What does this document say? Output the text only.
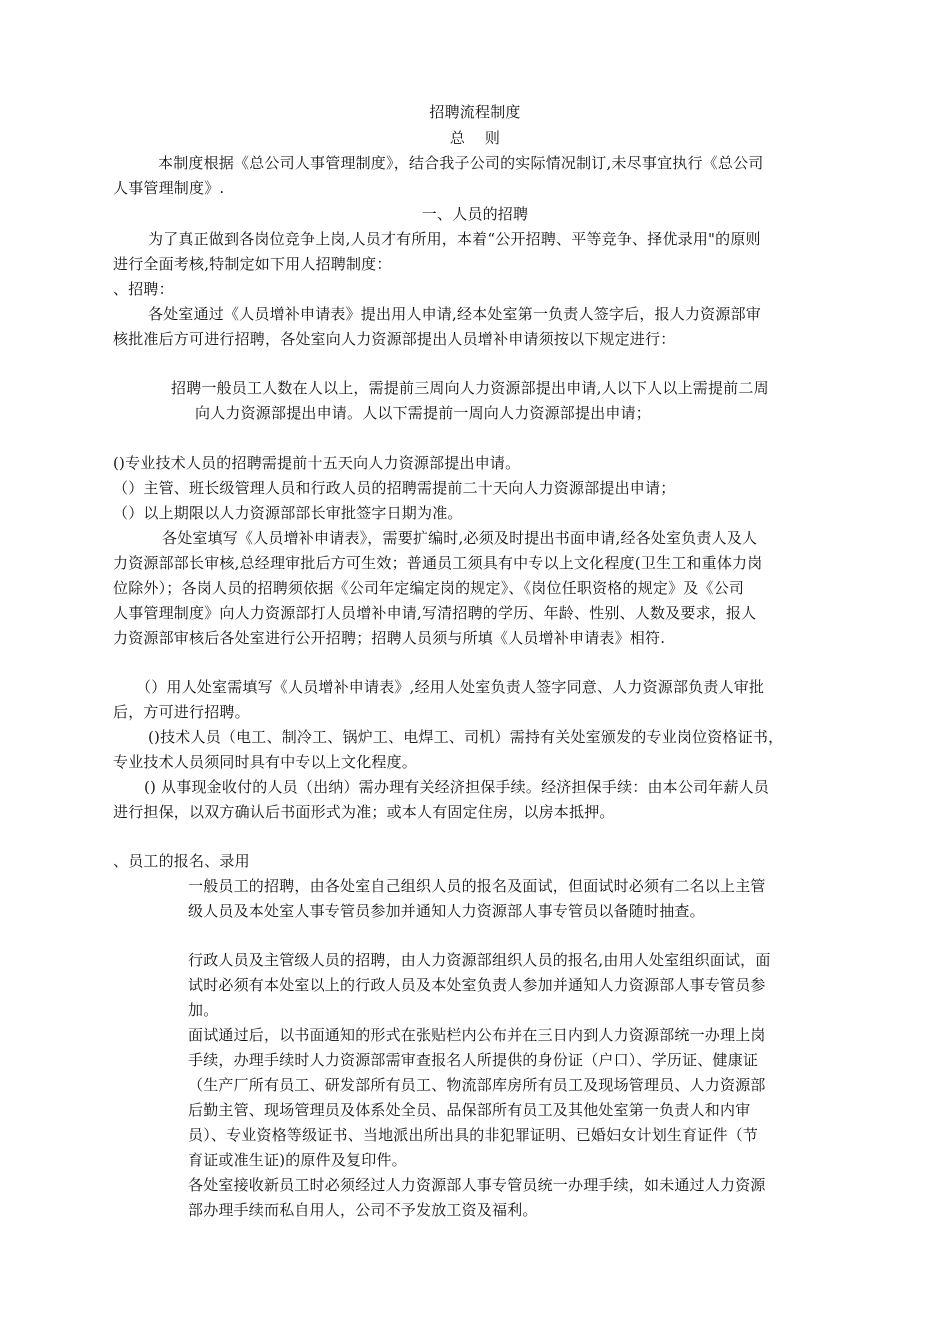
招聘流程制度
总    则
本制度根据《总公司人事管理制度》，结合我子公司的实际情况制订,未尽事宜执行《总公司
人事管理制度》.
一、人员的招聘
为了真正做到各岗位竞争上岗,人员才有所用，本着“公开招聘、平等竞争、择优录用"的原则
进行全面考核,特制定如下用人招聘制度：
、招聘：
各处室通过《人员增补申请表》提出用人申请,经本处室第一负责人签字后，报人力资源部审
核批准后方可进行招聘，各处室向人力资源部提出人员增补申请须按以下规定进行：
招聘一般员工人数在人以上，需提前三周向人力资源部提出申请,人以下人以上需提前二周
向人力资源部提出申请。人以下需提前一周向人力资源部提出申请；
()专业技术人员的招聘需提前十五天向人力资源部提出申请。
（）主管、班长级管理人员和行政人员的招聘需提前二十天向人力资源部提出申请；
（）以上期限以人力资源部部长审批签字日期为准。
各处室填写《人员增补申请表》，需要扩编时,必须及时提出书面申请,经各处室负责人及人
力资源部部长审核,总经理审批后方可生效；普通员工须具有中专以上文化程度(卫生工和重体力岗
位除外）；各岗人员的招聘须依据《公司年定编定岗的规定》、《岗位任职资格的规定》及《公司
人事管理制度》向人力资源部打人员增补申请,写清招聘的学历、年龄、性别、人数及要求，报人
力资源部审核后各处室进行公开招聘；招聘人员须与所填《人员增补申请表》相符.
（）用人处室需填写《人员增补申请表》,经用人处室负责人签字同意、人力资源部负责人审批
后，方可进行招聘。
()技术人员（电工、制冷工、锅炉工、电焊工、司机）需持有关处室颁发的专业岗位资格证书，
专业技术人员须同时具有中专以上文化程度。
() 从事现金收付的人员（出纳）需办理有关经济担保手续。经济担保手续：由本公司年薪人员
进行担保，以双方确认后书面形式为准；或本人有固定住房，以房本抵押。
、员工的报名、录用
一般员工的招聘，由各处室自己组织人员的报名及面试，但面试时必须有二名以上主管
级人员及本处室人事专管员参加并通知人力资源部人事专管员以备随时抽查。
行政人员及主管级人员的招聘，由人力资源部组织人员的报名,由用人处室组织面试，面
试时必须有本处室以上的行政人员及本处室负责人参加并通知人力资源部人事专管员参
加。
面试通过后，以书面通知的形式在张贴栏内公布并在三日内到人力资源部统一办理上岗
手续，办理手续时人力资源部需审查报名人所提供的身份证（户口）、学历证、健康证
（生产厂所有员工、研发部所有员工、物流部库房所有员工及现场管理员、人力资源部
后勤主管、现场管理员及体系处全员、品保部所有员工及其他处室第一负责人和内审
员）、专业资格等级证书、当地派出所出具的非犯罪证明、已婚妇女计划生育证件（节
育证或准生证)的原件及复印件。
各处室接收新员工时必须经过人力资源部人事专管员统一办理手续，如未通过人力资源
部办理手续而私自用人，公司不予发放工资及福利。
